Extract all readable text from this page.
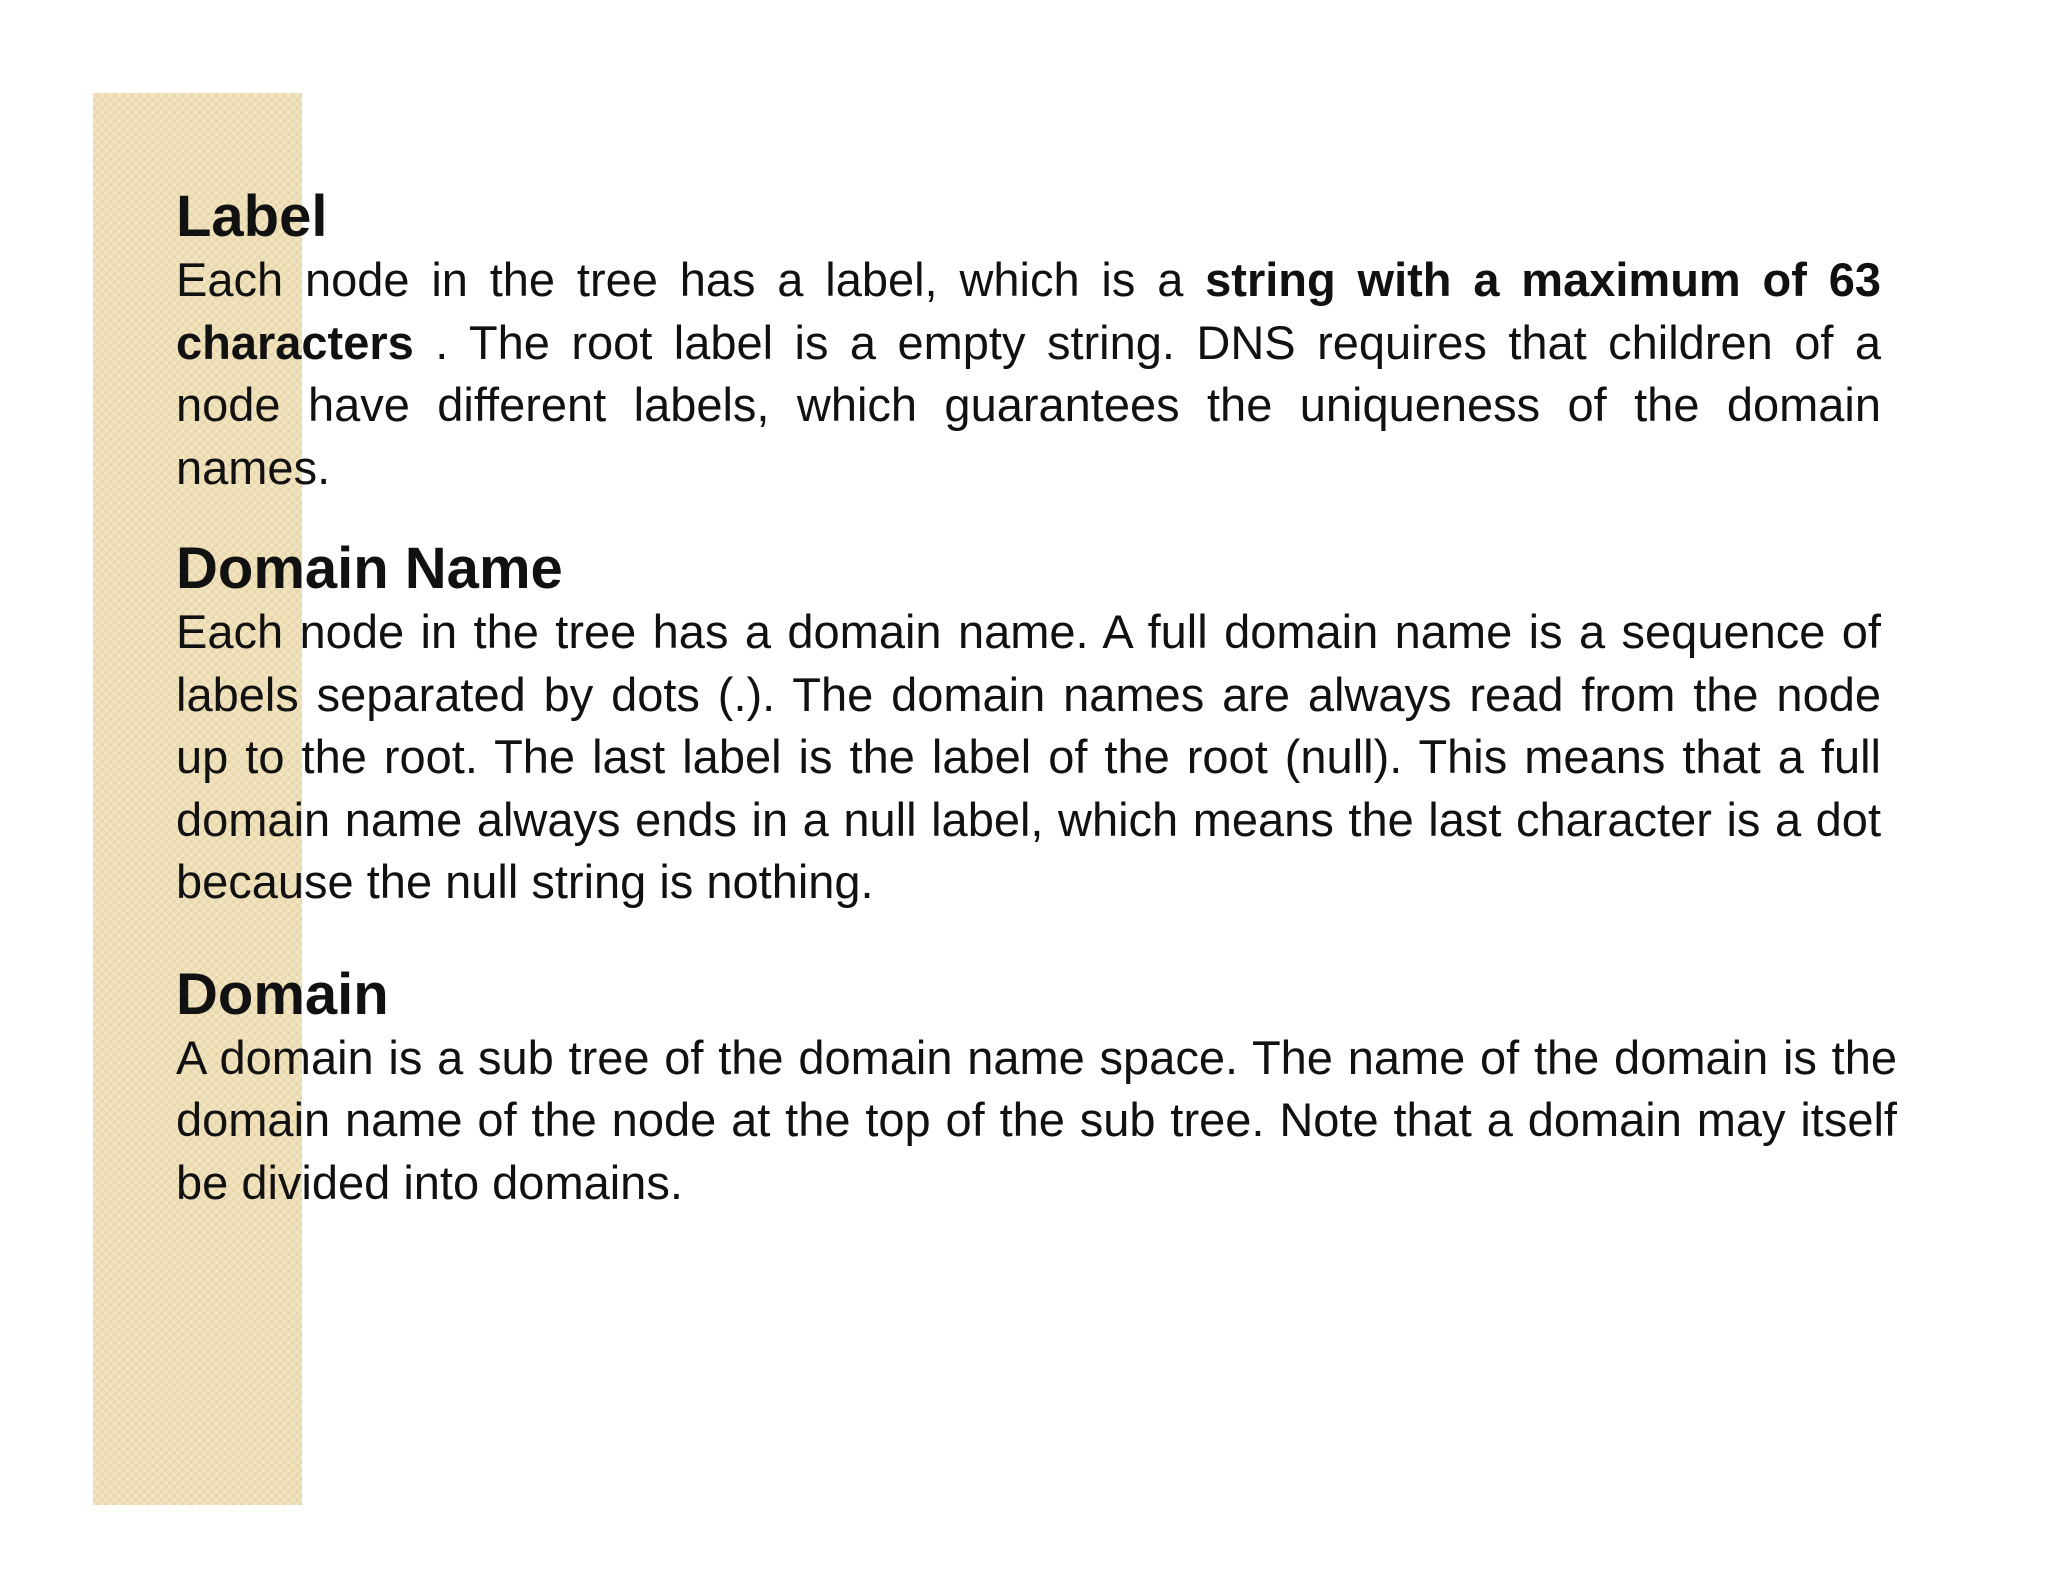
Label

Each node in the tree has a label, which is a string with a maximum of 63 characters . The root label is a empty string. DNS requires that children of a node have different labels, which guarantees the uniqueness of the domain names.

Domain Name

Each node in the tree has a domain name. A full domain name is a sequence of labels separated by dots (.). The domain names are always read from the node up to the root. The last label is the label of the root (null). This means that a full domain name always ends in a null label, which means the last character is a dot because the null string is nothing.

Domain

A domain is a sub tree of the domain name space. The name of the domain is the domain name of the node at the top of the sub tree. Note that a domain may itself be divided into domains.
